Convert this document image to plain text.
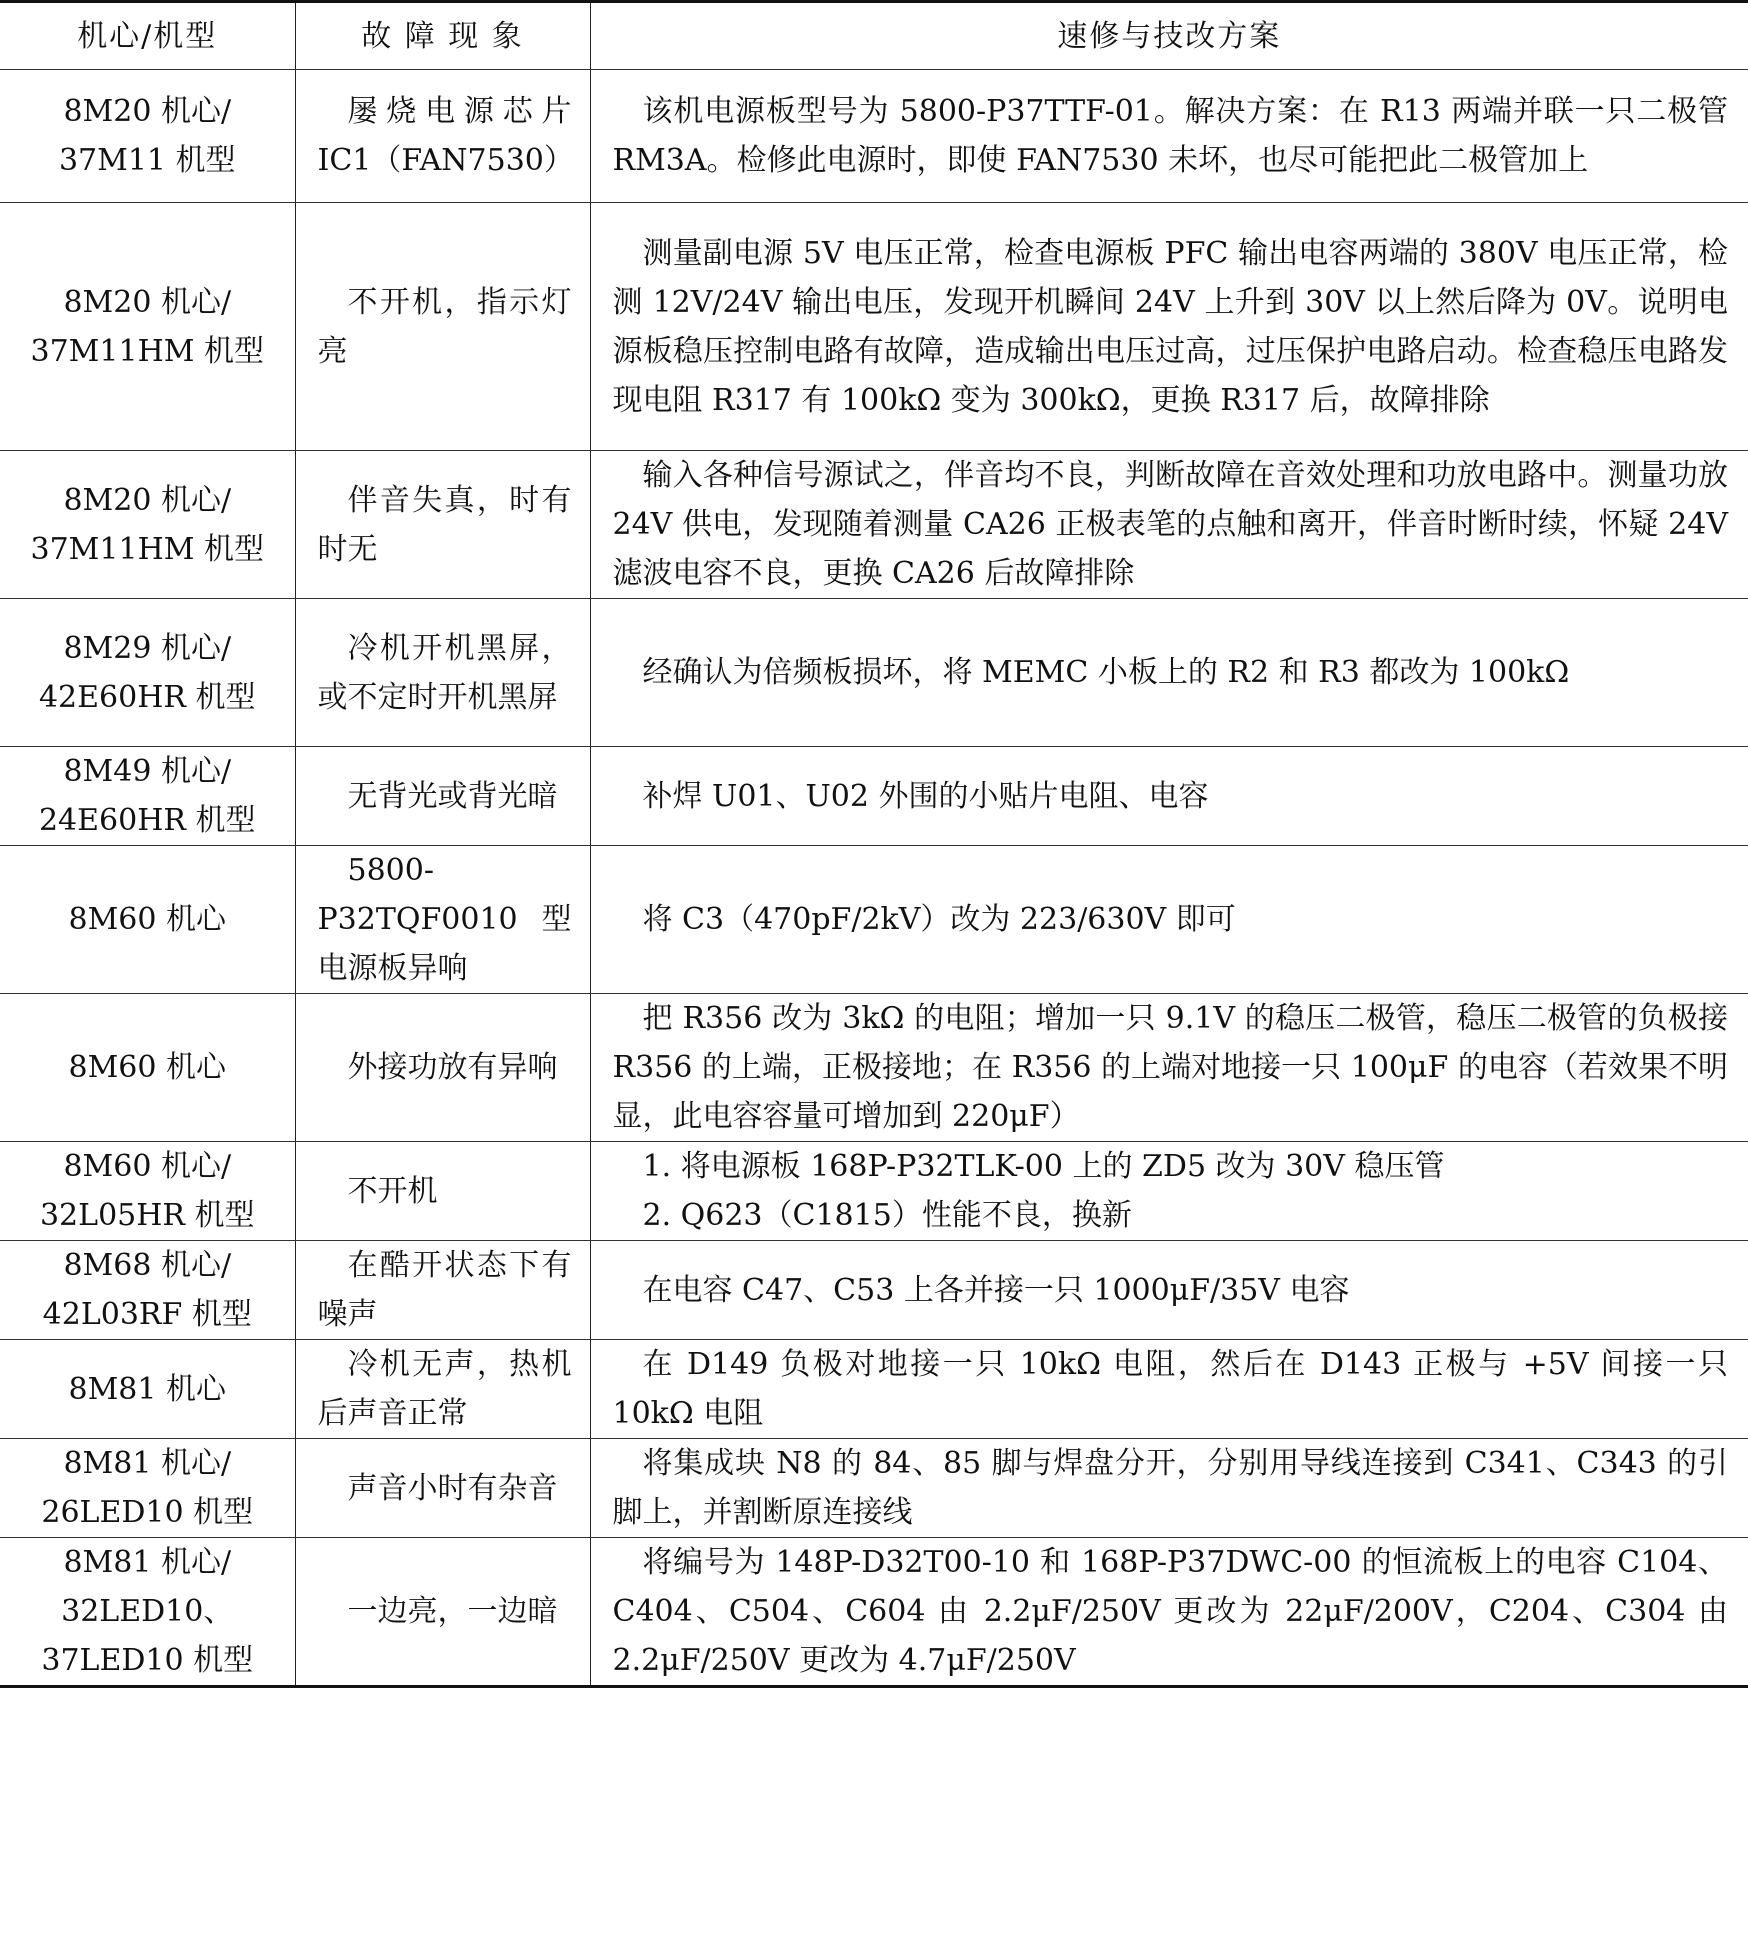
机心/机型	故 障 现 象	速修与技改方案

8M20 机心/
37M11 机型	屡烧电源芯片IC1（FAN7530）	该机电源板型号为 5800-P37TTF-01。解决方案：在 R13 两端并联一只二极管 RM3A。检修此电源时，即使 FAN7530 未坏，也尽可能把此二极管加上

8M20 机心/
37M11HM 机型	不开机，指示灯亮	测量副电源 5V 电压正常，检查电源板 PFC 输出电容两端的 380V 电压正常，检测 12V/24V 输出电压，发现开机瞬间 24V 上升到 30V 以上然后降为 0V。说明电源板稳压控制电路有故障，造成输出电压过高，过压保护电路启动。检查稳压电路发现电阻 R317 有 100kΩ 变为 300kΩ，更换 R317 后，故障排除

8M20 机心/
37M11HM 机型	伴音失真，时有时无	输入各种信号源试之，伴音均不良，判断故障在音效处理和功放电路中。测量功放 24V 供电，发现随着测量 CA26 正极表笔的点触和离开，伴音时断时续，怀疑 24V 滤波电容不良，更换 CA26 后故障排除

8M29 机心/
42E60HR 机型	冷机开机黑屏，或不定时开机黑屏	经确认为倍频板损坏，将 MEMC 小板上的 R2 和 R3 都改为 100kΩ

8M49 机心/
24E60HR 机型	无背光或背光暗	补焊 U01、U02 外围的小贴片电阻、电容

8M60 机心	5800-P32TQF0010型电源板异响	将 C3（470pF/2kV）改为 223/630V 即可

8M60 机心	外接功放有异响	把 R356 改为 3kΩ 的电阻；增加一只 9.1V 的稳压二极管，稳压二极管的负极接 R356 的上端，正极接地；在 R356 的上端对地接一只 100μF 的电容（若效果不明显，此电容容量可增加到 220μF）

8M60 机心/
32L05HR 机型	不开机	1. 将电源板 168P-P32TLK-00 上的 ZD5 改为 30V 稳压管
2. Q623（C1815）性能不良，换新

8M68 机心/
42L03RF 机型	在酷开状态下有噪声	在电容 C47、C53 上各并接一只 1000μF/35V 电容

8M81 机心	冷机无声，热机后声音正常	在 D149 负极对地接一只 10kΩ 电阻，然后在 D143 正极与 +5V 间接一只 10kΩ 电阻

8M81 机心/
26LED10 机型	声音小时有杂音	将集成块 N8 的 84、85 脚与焊盘分开，分别用导线连接到 C341、C343 的引脚上，并割断原连接线

8M81 机心/
32LED10、
37LED10 机型	一边亮，一边暗	将编号为 148P-D32T00-10 和 168P-P37DWC-00 的恒流板上的电容 C104、C404、C504、C604 由 2.2μF/250V 更改为 22μF/200V，C204、C304 由 2.2μF/250V 更改为 4.7μF/250V
